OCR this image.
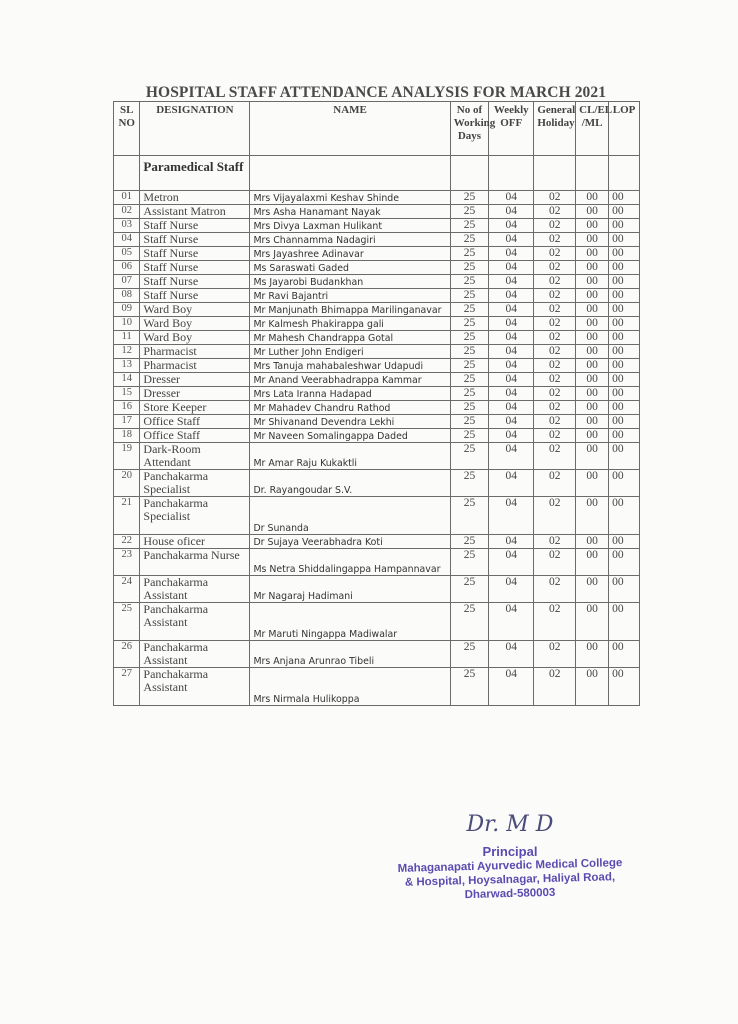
HOSPITAL STAFF ATTENDANCE ANALYSIS FOR MARCH 2021
SL NO	DESIGNATION	NAME	No of Working Days	Weekly OFF	General Holiday	CL/EL /ML	LOP
	Paramedical Staff						
01	Metron	Mrs Vijayalaxmi Keshav Shinde	25	04	02	00	00
02	Assistant Matron	Mrs Asha Hanamant Nayak	25	04	02	00	00
03	Staff Nurse	Mrs Divya Laxman Hulikant	25	04	02	00	00
04	Staff Nurse	Mrs Channamma Nadagiri	25	04	02	00	00
05	Staff Nurse	Mrs Jayashree Adinavar	25	04	02	00	00
06	Staff Nurse	Ms Saraswati Gaded	25	04	02	00	00
07	Staff Nurse	Ms Jayarobi Budankhan	25	04	02	00	00
08	Staff Nurse	Mr Ravi Bajantri	25	04	02	00	00
09	Ward Boy	Mr Manjunath Bhimappa Marilinganavar	25	04	02	00	00
10	Ward Boy	Mr Kalmesh Phakirappa gali	25	04	02	00	00
11	Ward Boy	Mr Mahesh Chandrappa Gotal	25	04	02	00	00
12	Pharmacist	Mr Luther John Endigeri	25	04	02	00	00
13	Pharmacist	Mrs Tanuja mahabaleshwar Udapudi	25	04	02	00	00
14	Dresser	Mr Anand Veerabhadrappa Kammar	25	04	02	00	00
15	Dresser	Mrs Lata Iranna Hadapad	25	04	02	00	00
16	Store Keeper	Mr Mahadev Chandru Rathod	25	04	02	00	00
17	Office Staff	Mr Shivanand Devendra Lekhi	25	04	02	00	00
18	Office Staff	Mr Naveen Somalingappa Daded	25	04	02	00	00
19	Dark-Room Attendant	Mr Amar Raju Kukaktli	25	04	02	00	00
20	Panchakarma Specialist	Dr. Rayangoudar S.V.	25	04	02	00	00
21	Panchakarma Specialist	Dr Sunanda	25	04	02	00	00
22	House oficer	Dr Sujaya Veerabhadra Koti	25	04	02	00	00
23	Panchakarma Nurse	Ms Netra Shiddalingappa Hampannavar	25	04	02	00	00
24	Panchakarma Assistant	Mr Nagaraj Hadimani	25	04	02	00	00
25	Panchakarma Assistant	Mr Maruti Ningappa Madiwalar	25	04	02	00	00
26	Panchakarma Assistant	Mrs Anjana Arunrao Tibeli	25	04	02	00	00
27	Panchakarma Assistant	Mrs Nirmala Hulikoppa	25	04	02	00	00
Dr. M D
Principal
Mahaganapati Ayurvedic Medical College
& Hospital, Hoysalnagar, Haliyal Road,
Dharwad-580003
